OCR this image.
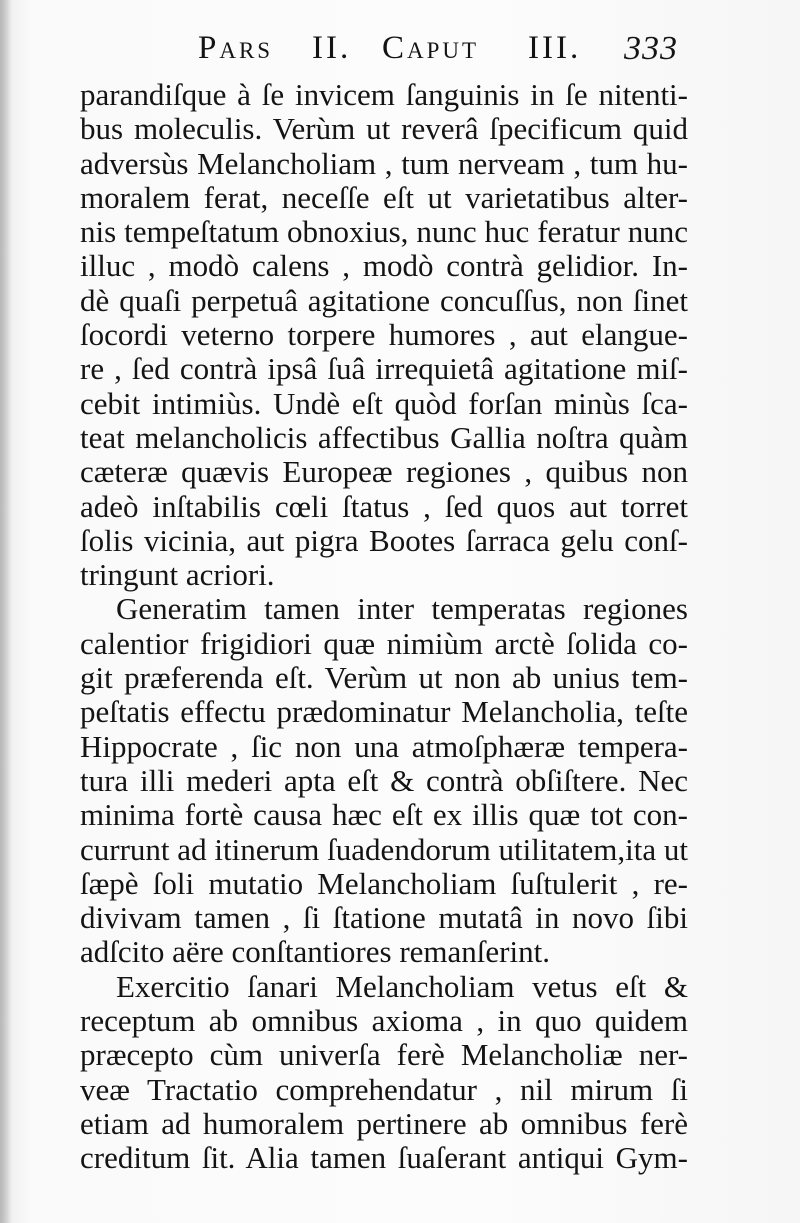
PARS II. CAPUT III. 333
parandiſque à ſe invicem ſanguinis in ſe nitenti-
bus moleculis. Verùm ut reverâ ſpecificum quid
adversùs Melancholiam , tum nerveam , tum hu-
moralem ferat, neceſſe eſt ut varietatibus alter-
nis tempeſtatum obnoxius, nunc huc feratur nunc
illuc , modò calens , modò contrà gelidior. In-
dè quaſi perpetuâ agitatione concuſſus, non ſinet
ſocordi veterno torpere humores , aut elangue-
re , ſed contrà ipsâ ſuâ irrequietâ agitatione miſ-
cebit intimiùs. Undè eſt quòd forſan minùs ſca-
teat melancholicis affectibus Gallia noſtra quàm
cæteræ quævis Europeæ regiones , quibus non
adeò inſtabilis cœli ſtatus , ſed quos aut torret
ſolis vicinia, aut pigra Bootes ſarraca gelu conſ-
tringunt acriori.
Generatim tamen inter temperatas regiones
calentior frigidiori quæ nimiùm arctè ſolida co-
git præferenda eſt. Verùm ut non ab unius tem-
peſtatis effectu prædominatur Melancholia, teſte
Hippocrate , ſic non una atmoſphæræ tempera-
tura illi mederi apta eſt & contrà obſiſtere. Nec
minima fortè causa hæc eſt ex illis quæ tot con-
currunt ad itinerum ſuadendorum utilitatem,ita ut
ſæpè ſoli mutatio Melancholiam ſuſtulerit , re-
divivam tamen , ſi ſtatione mutatâ in novo ſibi
adſcito aëre conſtantiores remanſerint.
Exercitio ſanari Melancholiam vetus eſt &
receptum ab omnibus axioma , in quo quidem
præcepto cùm univerſa ferè Melancholiæ ner-
veæ Tractatio comprehendatur , nil mirum ſi
etiam ad humoralem pertinere ab omnibus ferè
creditum ſit. Alia tamen ſuaſerant antiqui Gym-
